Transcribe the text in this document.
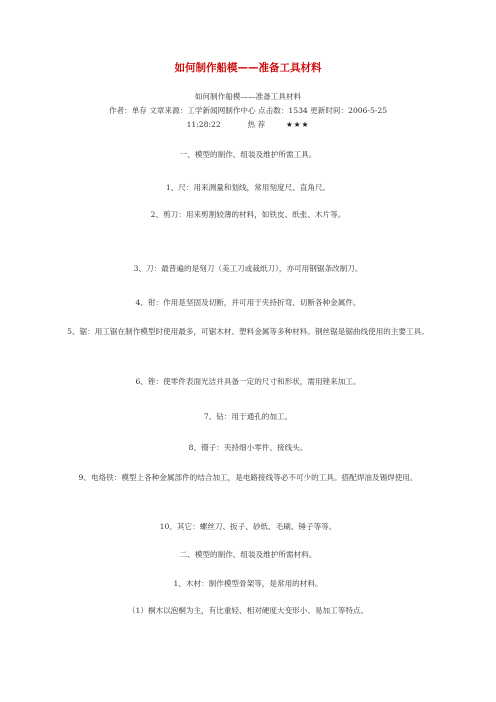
如何制作船模——准备工具材料
如何制作船模——准备工具材料
作者：单存 文章来源：工学新闻网制作中心 点击数：1534 更新时间：2006-5-25
11:28:22	热 荐	★★★
一、模型的制作、组装及维护所需工具。
1、尺：用来测量和划线，常用刻度尺、直角尺。
2、剪刀：用来剪割较薄的材料，如铁皮、纸张、木片等。
3、刀：最普遍的是刻刀（美工刀或裁纸刀），亦可用钢锯条改制刀。
4、钳：作用是坚固及切断，并可用于夹持折弯、切断各种金属件。
5、锯：用工锯在制作模型时使用最多，可锯木材、塑料金属等多种材料。钢丝锯是锯曲线使用的主要工具。
6、锉：使零件表面光洁并具备一定的尺寸和形状，需用锉来加工。
7、钻：用于通孔的加工。
8、镊子：夹持细小零件、接线头。
9、电烙铁：模型上各种金属部件的结合加工，是电路接线等必不可少的工具。搭配焊油及锡焊使用。
10、其它：螺丝刀、扳子、砂纸、毛刷、锤子等等。
二、模型的制作、组装及维护所需材料。
1、木材：制作模型骨架等，是常用的材料。
（1）桐木以泡桐为主，有比重轻、相对硬度大变形小、易加工等特点。
